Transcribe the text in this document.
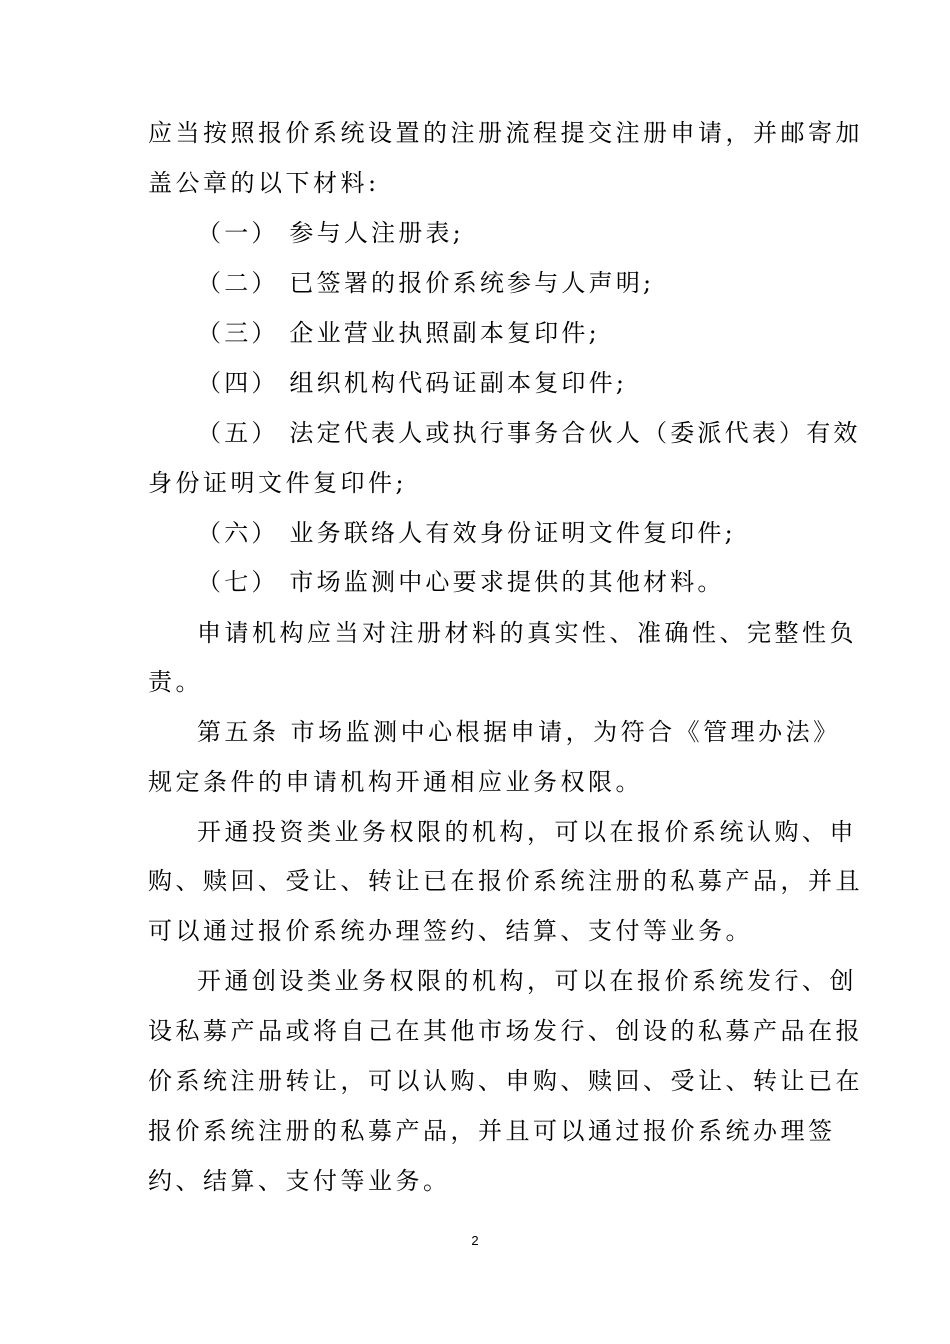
应当按照报价系统设置的注册流程提交注册申请，并邮寄加
盖公章的以下材料:
（一） 参与人注册表;
（二） 已签署的报价系统参与人声明;
（三） 企业营业执照副本复印件;
（四） 组织机构代码证副本复印件;
（五） 法定代表人或执行事务合伙人（委派代表）有效
身份证明文件复印件;
（六） 业务联络人有效身份证明文件复印件;
（七） 市场监测中心要求提供的其他材料。
申请机构应当对注册材料的真实性、准确性、完整性负
责。
第五条 市场监测中心根据申请，为符合《管理办法》
规定条件的申请机构开通相应业务权限。
开通投资类业务权限的机构，可以在报价系统认购、申
购、赎回、受让、转让已在报价系统注册的私募产品，并且
可以通过报价系统办理签约、结算、支付等业务。
开通创设类业务权限的机构，可以在报价系统发行、创
设私募产品或将自己在其他市场发行、创设的私募产品在报
价系统注册转让，可以认购、申购、赎回、受让、转让已在
报价系统注册的私募产品，并且可以通过报价系统办理签
约、结算、支付等业务。
2
